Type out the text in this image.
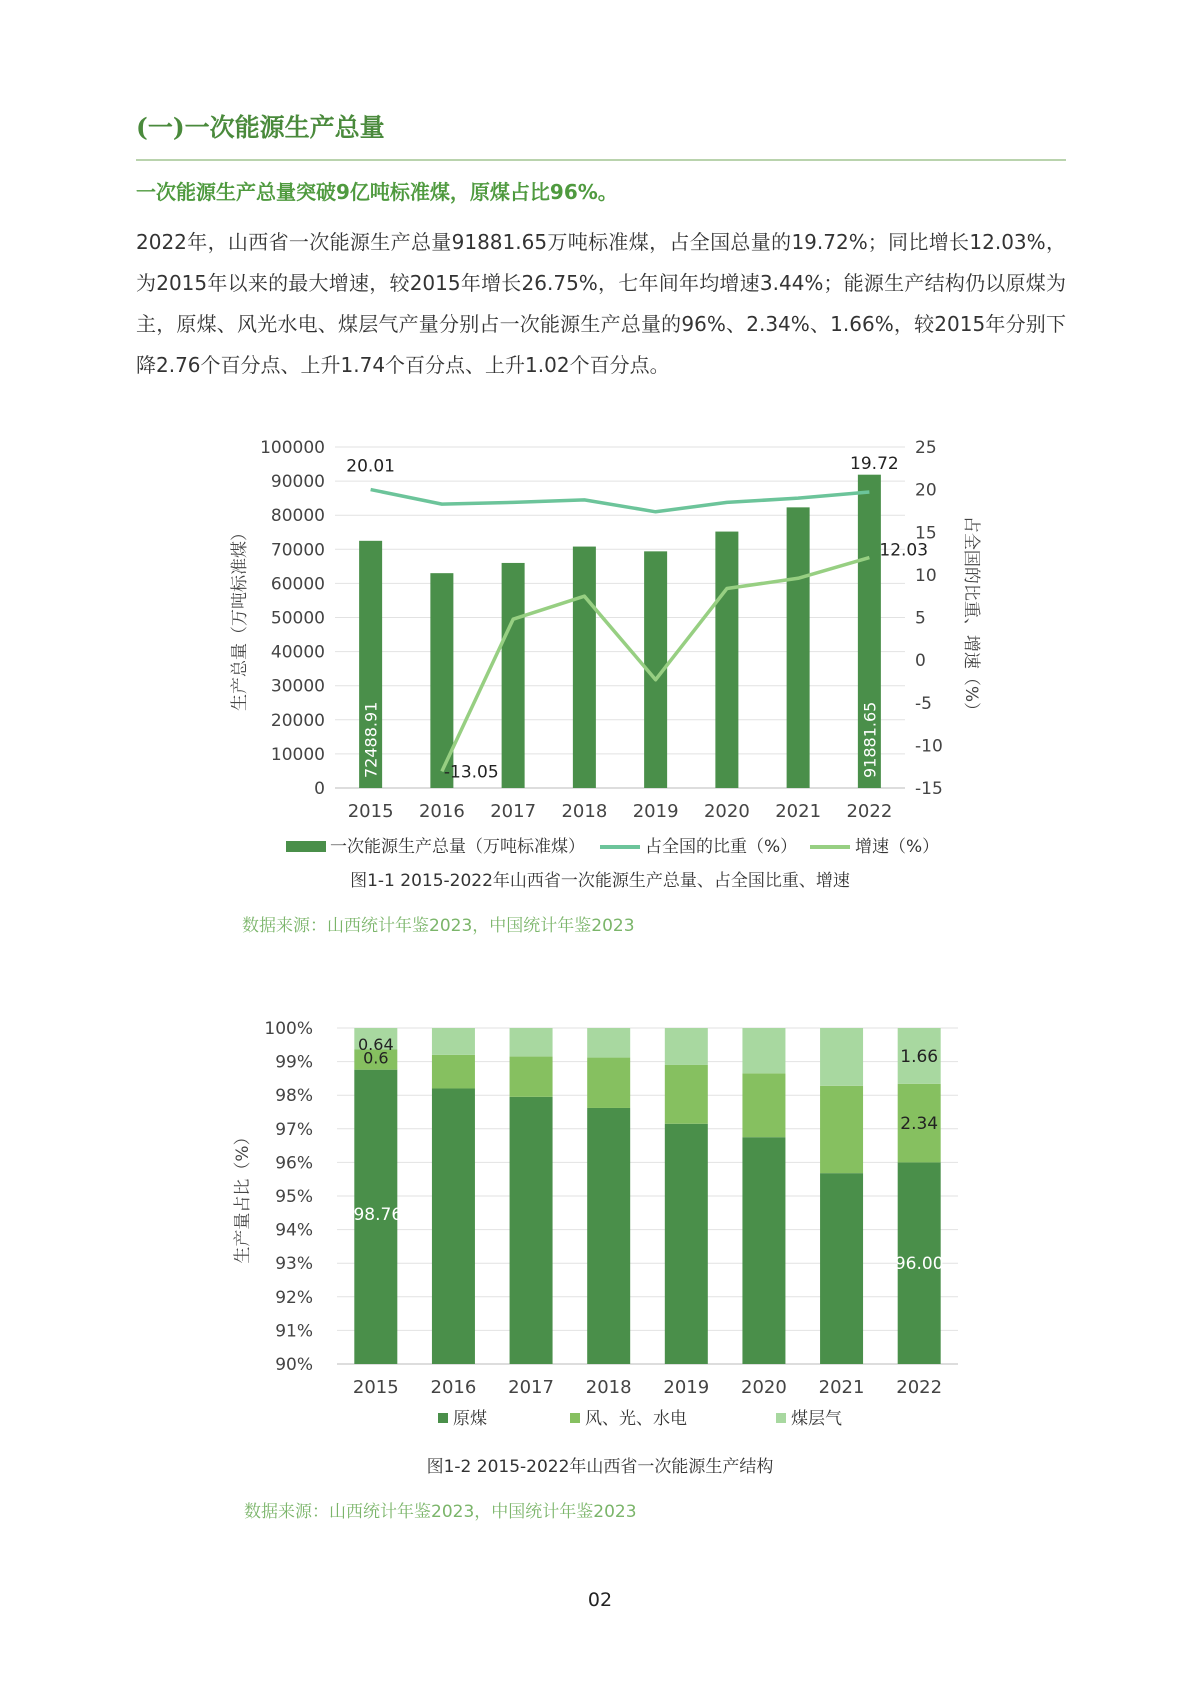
(一)一次能源生产总量
一次能源生产总量突破9亿吨标准煤，原煤占比96%。

2022年，山西省一次能源生产总量91881.65万吨标准煤，占全国总量的19.72%；同比增长12.03%，为2015年以来的最大增速，较2015年增长26.75%，七年间年均增速3.44%；能源生产结构仍以原煤为主，原煤、风光水电、煤层气产量分别占一次能源生产总量的96%、2.34%、1.66%，较2015年分别下降2.76个百分点、上升1.74个百分点、上升1.02个百分点。

0
10000
20000
30000
40000
50000
60000
70000
80000
90000
100000
-15
-10
-5
0
5
10
15
20
25
2015 2016 2017 2018 2019 2020 2021 2022
生产总量（万吨标准煤）	占全国的比重、增速（%）
72488.91	91881.65
20.01	19.72
-13.05
12.03
一次能源生产总量（万吨标准煤）	占全国的比重（%）	增速（%）
图1-1 2015-2022年山西省一次能源生产总量、占全国比重、增速
数据来源：山西统计年鉴2023，中国统计年鉴2023
90%
91%
92%
93%
94%
95%
96%
97%
98%
99%
100%
2015 2016 2017 2018 2019 2020 2021 2022
生产量占比（%）	98.76
0.6
0.64
96.00
2.34
1.66
原煤	风、光、水电	煤层气
图1-2 2015-2022年山西省一次能源生产结构
数据来源：山西统计年鉴2023，中国统计年鉴2023
02
